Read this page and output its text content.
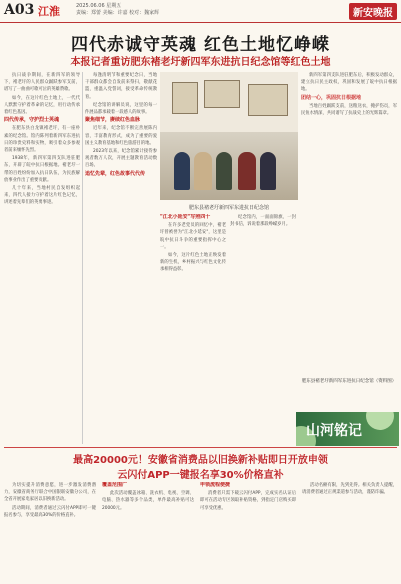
A03 江淮	2025.06.06 星期五
责编：郑蕾 美编：许嘉 校对：魏家辉	新安晚报
四代赤诚守英魂 红色土地忆峥嵘
本报记者重访肥东褚老圩新四军东进抗日纪念馆等红色土地

抗日战争期间，在新四军的领导下，褚老圩的人民群众踊跃参军支前，谱写了一曲曲可歌可泣的英雄赞歌。

如今，在这片红色土地上，一代代人默默守护着革命的记忆，用行动传承着红色基因。

四代传承，守护烈士英魂

在肥东县白龙镇褚老圩，有一座朴素的纪念馆。馆内陈列着新四军东进抗日的珍贵史料和实物，吸引着众多参观者前来缅怀先烈。

1938年，新四军第四支队进驻肥东，开辟了皖中抗日根据地。褚老圩一带的百姓纷纷加入抗日队伍，为民族解放事业作出了重要贡献。

几十年来，当地村民自发组织起来，四代人接力守护着这片红色记忆，讲述着先辈们的英勇事迹。

每逢清明节和重要纪念日，当地干部群众都会自发前来祭扫，敬献花篮，重温入党誓词，接受革命传统教育。

纪念馆的讲解员说，这里的每一件展品都承载着一段感人的故事。

聚焦细节，赓续红色血脉

近年来，纪念馆不断完善展陈内容，丰富教育形式，成为了重要的爱国主义教育基地和红色旅游目的地。

2023年以来，纪念馆累计接待参观者数万人次，开展主题教育活动数百场。

追忆先辈，红色故事代代传

肥东县褚老圩新四军东进抗日纪念馆

"江北小延安"写照四十

在许多老党员的回忆中，褚老圩曾被誉为"江北小延安"，这里是皖中抗日斗争的重要指挥中心之一。

如今，这片红色土地正焕发着新的生机，乡村振兴与红色文化传承相得益彰。

纪念馆内，一面面锦旗、一封封书信，诉说着那段峥嵘岁月。

新四军第四支队进驻肥东后，积极发动群众，建立抗日民主政权，巩固和发展了皖中抗日根据地。

团结一心，巩固抗日根据地

当地百姓踊跃支前，送粮送衣，掩护伤员，军民鱼水情深，共同谱写了抗战史上的光辉篇章。

肥东县褚老圩新四军东进抗日纪念馆（资料图）
山河铭记
最高20000元！安徽省消费品以旧换新补贴即日开放申领
云闪付APP一键报名享30%价格直补

为切实提升消费意愿，进一步激发消费潜力，安徽省商务厅联合中国银联安徽分公司，在全省开展家电家居以旧换新活动。

活动期间，消费者通过云闪付APP即可一键报名参与，享受最高30%的价格直补。

覆盖范围广

此次活动覆盖冰箱、洗衣机、电视、空调、电脑、热水器等多个品类，单件最高补贴可达20000元。

申领流程便捷

消费者只需下载云闪付APP，完成实名认证后即可在活动专区领取补贴资格，到指定门店购买即可享受优惠。

活动名额有限，先到先得。相关负责人提醒，请消费者通过正规渠道参与活动，谨防诈骗。
